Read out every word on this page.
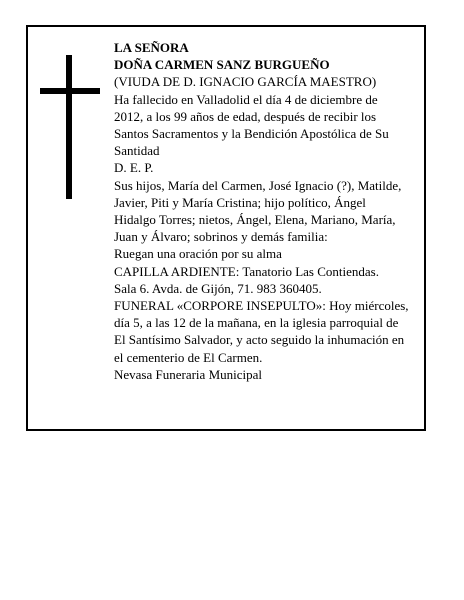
LA SEÑORA
DOÑA CARMEN SANZ BURGUEÑO
(VIUDA DE D. IGNACIO GARCÍA MAESTRO)
Ha fallecido en Valladolid el día 4 de diciembre de
2012, a los 99 años de edad, después de recibir los
Santos Sacramentos y la Bendición Apostólica de Su
Santidad
D. E. P.
Sus hijos, María del Carmen, José Ignacio (?), Matilde,
Javier, Piti y María Cristina; hijo político, Ángel
Hidalgo Torres; nietos, Ángel, Elena, Mariano, María,
Juan y Álvaro; sobrinos y demás familia:
Ruegan una oración por su alma
CAPILLA ARDIENTE: Tanatorio Las Contiendas.
Sala 6. Avda. de Gijón, 71. 983 360405.
FUNERAL «CORPORE INSEPULTO»: Hoy miércoles,
día 5, a las 12 de la mañana, en la iglesia parroquial de
El Santísimo Salvador, y acto seguido la inhumación en
el cementerio de El Carmen.
Nevasa Funeraria Municipal
